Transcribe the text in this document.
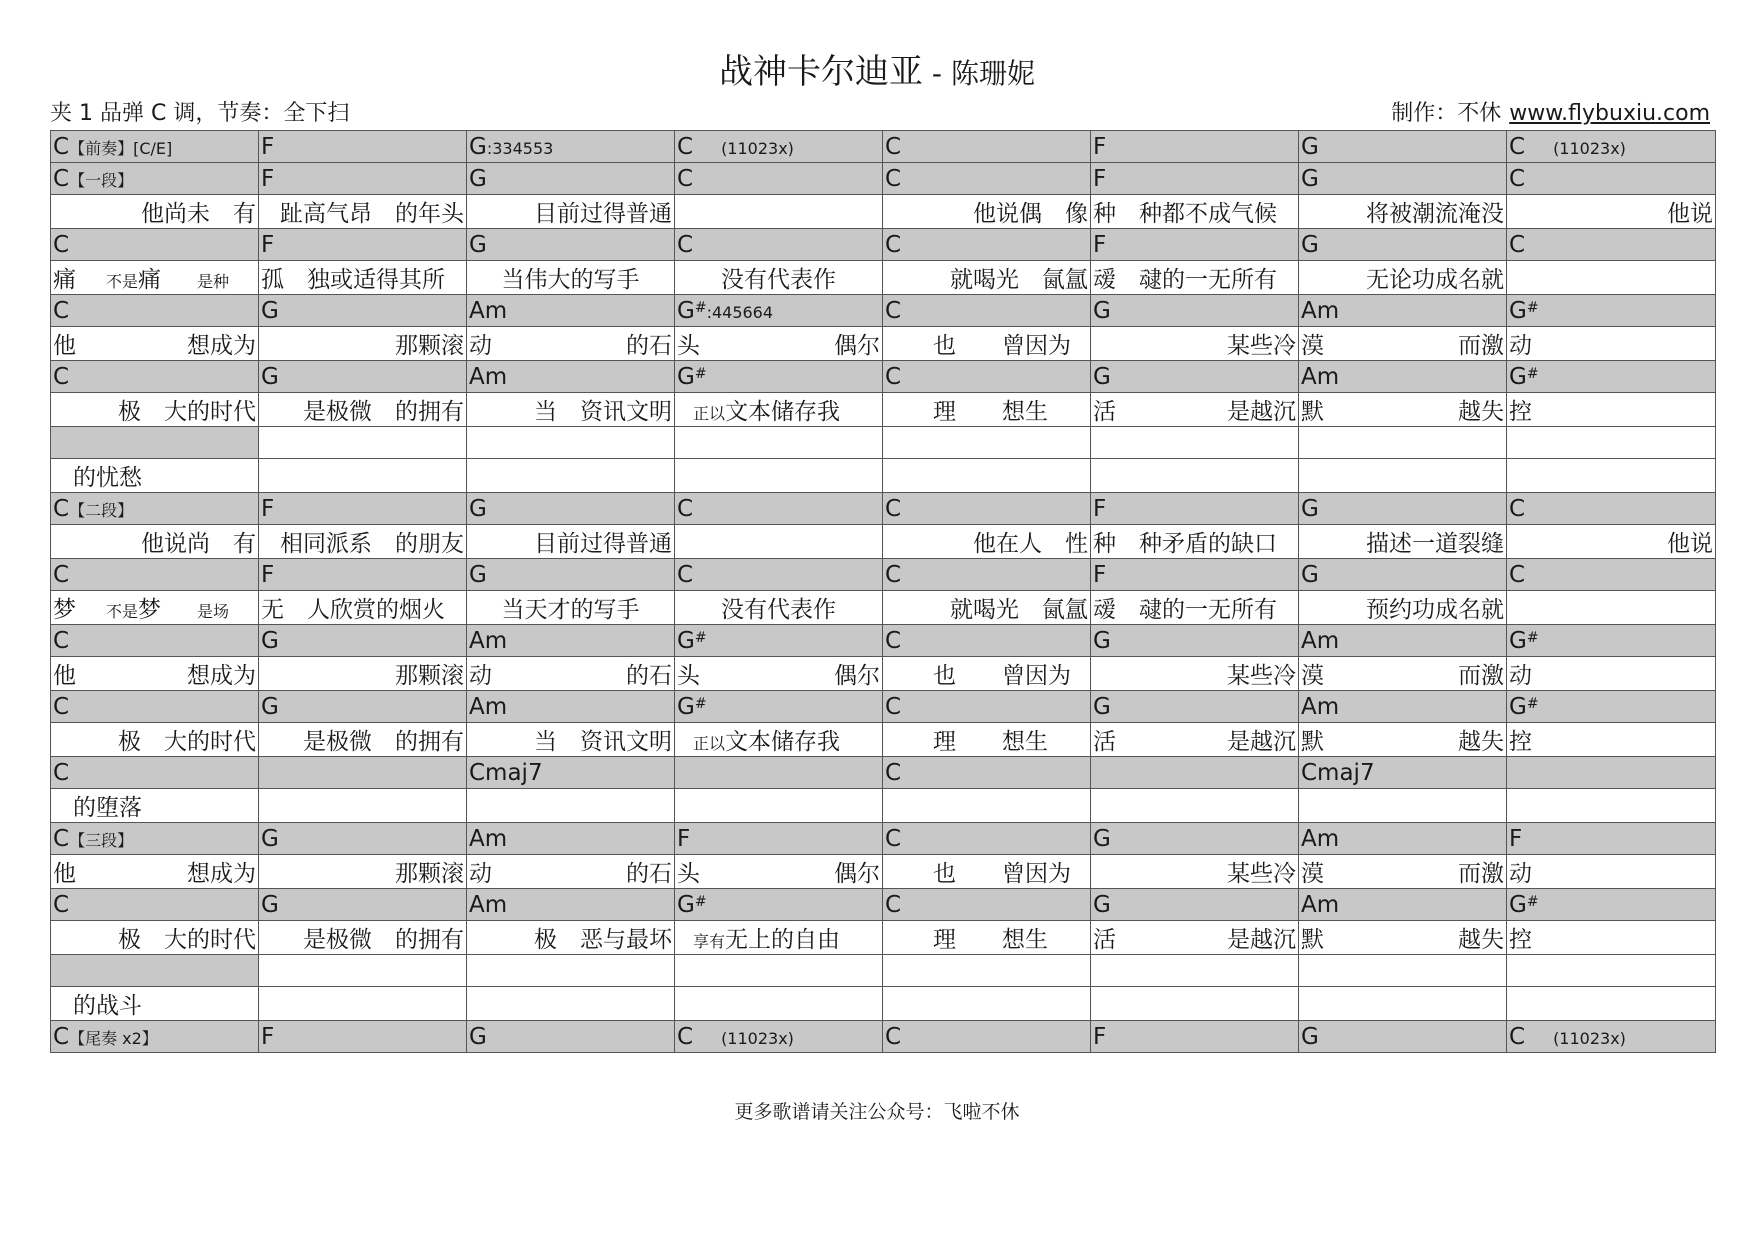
战神卡尔迪亚 - 陈珊妮
夹 1 品弹 C 调，节奏：全下扫	制作：不休 www.flybuxiu.com
C【前奏】[C/E]	F	G:334553	C (11023x)	C	F	G	C (11023x)
C【一段】	F	G	C	C	F	G	C
他尚未　有	趾高气昂　的年头	目前过得普通		他说偶　像	种　种都不成气候	将被潮流淹没	他说
C	F	G	C	C	F	G	C
痛 不是痛 是种	孤　独或适得其所	当伟大的写手	没有代表作	就喝光　氤氲	叆　叇的一无所有	无论功成名就	
C	G	Am	G#:445664	C	G	Am	G#
他 想成为	那颗滚	动 的石	头 偶尔	也　　曾因为	某些冷	漠 而激	动
C	G	Am	G#	C	G	Am	G#
极　大的时代	是极微　的拥有	当　资讯文明	正以文本储存我	理　　想生	活 是越沉	默 越失	控

的忧愁							
C【二段】	F	G	C	C	F	G	C
他说尚　有	相同派系　的朋友	目前过得普通		他在人　性	种　种矛盾的缺口	描述一道裂缝	他说
C	F	G	C	C	F	G	C
梦 不是梦 是场	无　人欣赏的烟火	当天才的写手	没有代表作	就喝光　氤氲	叆　叇的一无所有	预约功成名就	
C	G	Am	G#	C	G	Am	G#
他 想成为	那颗滚	动 的石	头 偶尔	也　　曾因为	某些冷	漠 而激	动
C	G	Am	G#	C	G	Am	G#
极　大的时代	是极微　的拥有	当　资讯文明	正以文本储存我	理　　想生	活 是越沉	默 越失	控
C		Cmaj7		C		Cmaj7	
的堕落							
C【三段】	G	Am	F	C	G	Am	F
他 想成为	那颗滚	动 的石	头 偶尔	也　　曾因为	某些冷	漠 而激	动
C	G	Am	G#	C	G	Am	G#
极　大的时代	是极微　的拥有	极　恶与最坏	享有无上的自由	理　　想生	活 是越沉	默 越失	控

的战斗							
C【尾奏 x2】	F	G	C (11023x)	C	F	G	C (11023x)
更多歌谱请关注公众号：飞啦不休
